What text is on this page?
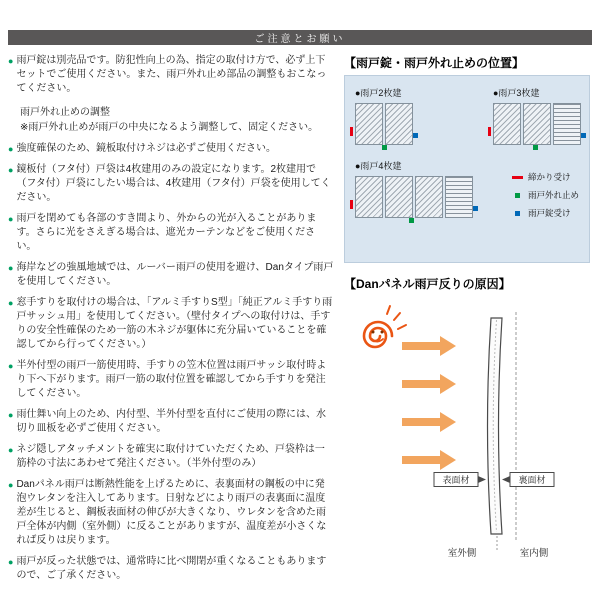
ご注意とお願い
● 雨戸錠は別売品です。防犯性向上の為、指定の取付け方で、必ず上下セットでご使用ください。また、雨戸外れ止め部品の調整もおこなってください。

雨戸外れ止めの調整

※雨戸外れ止めが雨戸の中央になるよう調整して、固定ください。

● 強度確保のため、鏡板取付けネジは必ずご使用ください。

● 鏡板付（フタ付）戸袋は4枚建用のみの設定になります。2枚建用で（フタ付）戸袋にしたい場合は、4枚建用（フタ付）戸袋を使用してください。

● 雨戸を閉めても各部のすき間より、外からの光が入ることがあります。さらに光をさえぎる場合は、遮光カーテンなどをご使用ください。

● 海岸などの強風地域では、ルーバー雨戸の使用を避け、Danタイプ雨戸を使用してください。

● 窓手すりを取付けの場合は、「アルミ手すりS型」「純正アルミ手すり雨戸サッシュ用」を使用してください。（壁付タイプへの取付けは、手すりの安全性確保のため一筋の木ネジが躯体に充分届いていることを確認してから行ってください。）

● 半外付型の雨戸一筋使用時、手すりの笠木位置は雨戸サッシ取付時より下へ下がります。雨戸一筋の取付位置を確認してから手すりを発注してください。

● 雨仕舞い向上のため、内付型、半外付型を直付にご使用の際には、水切り皿板を必ずご使用ください。

● ネジ隠しアタッチメントを確実に取付けていただくため、戸袋枠は一筋枠の寸法にあわせて発注ください。（半外付型のみ）

● Danパネル雨戸は断熱性能を上げるために、表裏面材の鋼板の中に発泡ウレタンを注入してあります。日射などにより雨戸の表裏面に温度差が生じると、鋼板表面材の伸びが大きくなり、ウレタンを含めた雨戸全体が内側（室外側）に反ることがありますが、温度差が小さくなれば反りは戻ります。

● 雨戸が反った状態では、通常時に比べ開閉が重くなることもありますので、ご了承ください。

【雨戸錠・雨戸外れ止めの位置】
●雨戸2枚建	●雨戸3枚建
●雨戸4枚建
締かり受け
雨戸外れ止め
雨戸錠受け
【Danパネル雨戸反りの原因】
表面材	裏面材
室外側	室内側
